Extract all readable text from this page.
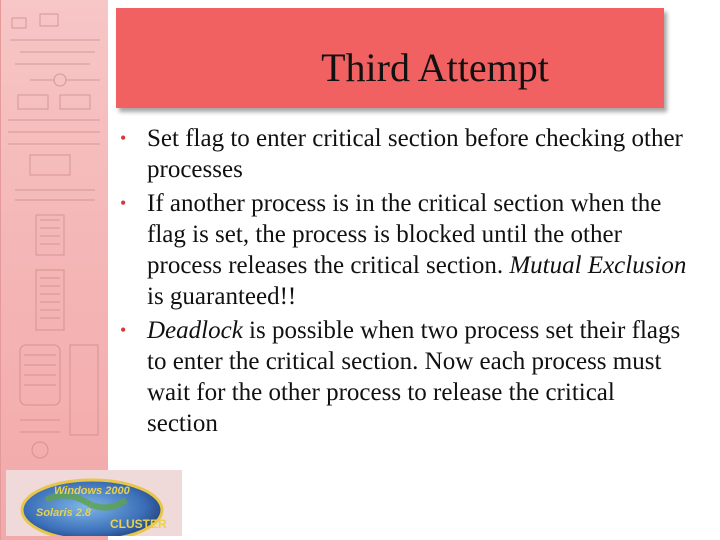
Third Attempt
• Set flag to enter critical section before checking other processes
• If another process is in the critical section when the flag is set, the process is blocked until the other process releases the critical section. Mutual Exclusion is guaranteed!!
• Deadlock is possible when two process set their flags to enter the critical section. Now each process must wait for the other process to release the critical section
Windows 2000
Solaris 2.8
CLUSTER
